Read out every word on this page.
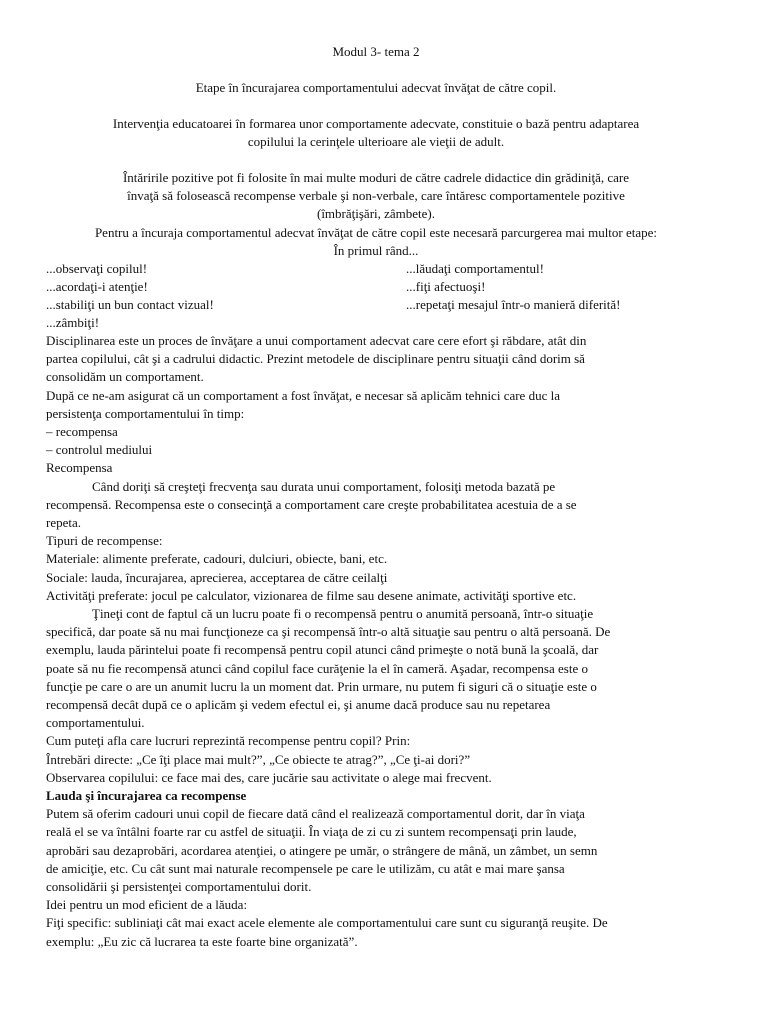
Modul 3- tema 2
Etape în încurajarea comportamentului adecvat învăţat de către copil.
Intervenţia educatoarei în formarea unor comportamente adecvate, constituie o bază pentru adaptarea
copilului la cerinţele ulterioare ale vieţii de adult.
Întăririle pozitive pot fi folosite în mai multe moduri de către cadrele didactice din grădiniţă, care
învaţă să folosească recompense verbale şi non-verbale, care întăresc comportamentele pozitive
(îmbrăţişări, zâmbete).
Pentru a încuraja comportamentul adecvat învăţat de către copil este necesară parcurgerea mai multor etape:
În primul rând...
...observaţi copilul!	...lăudaţi comportamentul!
...acordaţi-i atenţie!	...fiţi afectuoşi!
...stabiliţi un bun contact vizual!	...repetaţi mesajul într-o manieră diferită!
...zâmbiţi!
Disciplinarea este un proces de învăţare a unui comportament adecvat care cere efort şi răbdare, atât din
partea copilului, cât şi a cadrului didactic. Prezint metodele de disciplinare pentru situaţii când dorim să
consolidăm un comportament.
După ce ne-am asigurat că un comportament a fost învăţat, e necesar să aplicăm tehnici care duc la
persistenţa comportamentului în timp:
– recompensa
– controlul mediului
Recompensa
Când doriţi să creşteţi frecvenţa sau durata unui comportament, folosiţi metoda bazată pe
recompensă. Recompensa este o consecinţă a comportament care creşte probabilitatea acestuia de a se
repeta.
Tipuri de recompense:
Materiale: alimente preferate, cadouri, dulciuri, obiecte, bani, etc.
Sociale: lauda, încurajarea, aprecierea, acceptarea de către ceilalţi
Activităţi preferate: jocul pe calculator, vizionarea de filme sau desene animate, activităţi sportive etc.
Ţineţi cont de faptul că un lucru poate fi o recompensă pentru o anumită persoană, într-o situaţie
specifică, dar poate să nu mai funcţioneze ca şi recompensă într-o altă situaţie sau pentru o altă persoană. De
exemplu, lauda părintelui poate fi recompensă pentru copil atunci când primeşte o notă bună la şcoală, dar
poate să nu fie recompensă atunci când copilul face curăţenie la el în cameră. Aşadar, recompensa este o
funcţie pe care o are un anumit lucru la un moment dat. Prin urmare, nu putem fi siguri că o situaţie este o
recompensă decât după ce o aplicăm şi vedem efectul ei, şi anume dacă produce sau nu repetarea
comportamentului.
Cum puteţi afla care lucruri reprezintă recompense pentru copil? Prin:
Întrebări directe: „Ce îţi place mai mult?”, „Ce obiecte te atrag?”, „Ce ţi-ai dori?”
Observarea copilului: ce face mai des, care jucărie sau activitate o alege mai frecvent.
Lauda şi încurajarea ca recompense
Putem să oferim cadouri unui copil de fiecare dată când el realizează comportamentul dorit, dar în viaţa
reală el se va întâlni foarte rar cu astfel de situaţii. În viaţa de zi cu zi suntem recompensaţi prin laude,
aprobări sau dezaprobări, acordarea atenţiei, o atingere pe umăr, o strângere de mână, un zâmbet, un semn
de amiciţie, etc. Cu cât sunt mai naturale recompensele pe care le utilizăm, cu atât e mai mare şansa
consolidării şi persistenţei comportamentului dorit.
Idei pentru un mod eficient de a lăuda:
Fiţi specific: subliniaţi cât mai exact acele elemente ale comportamentului care sunt cu siguranţă reuşite. De
exemplu: „Eu zic că lucrarea ta este foarte bine organizată”.
